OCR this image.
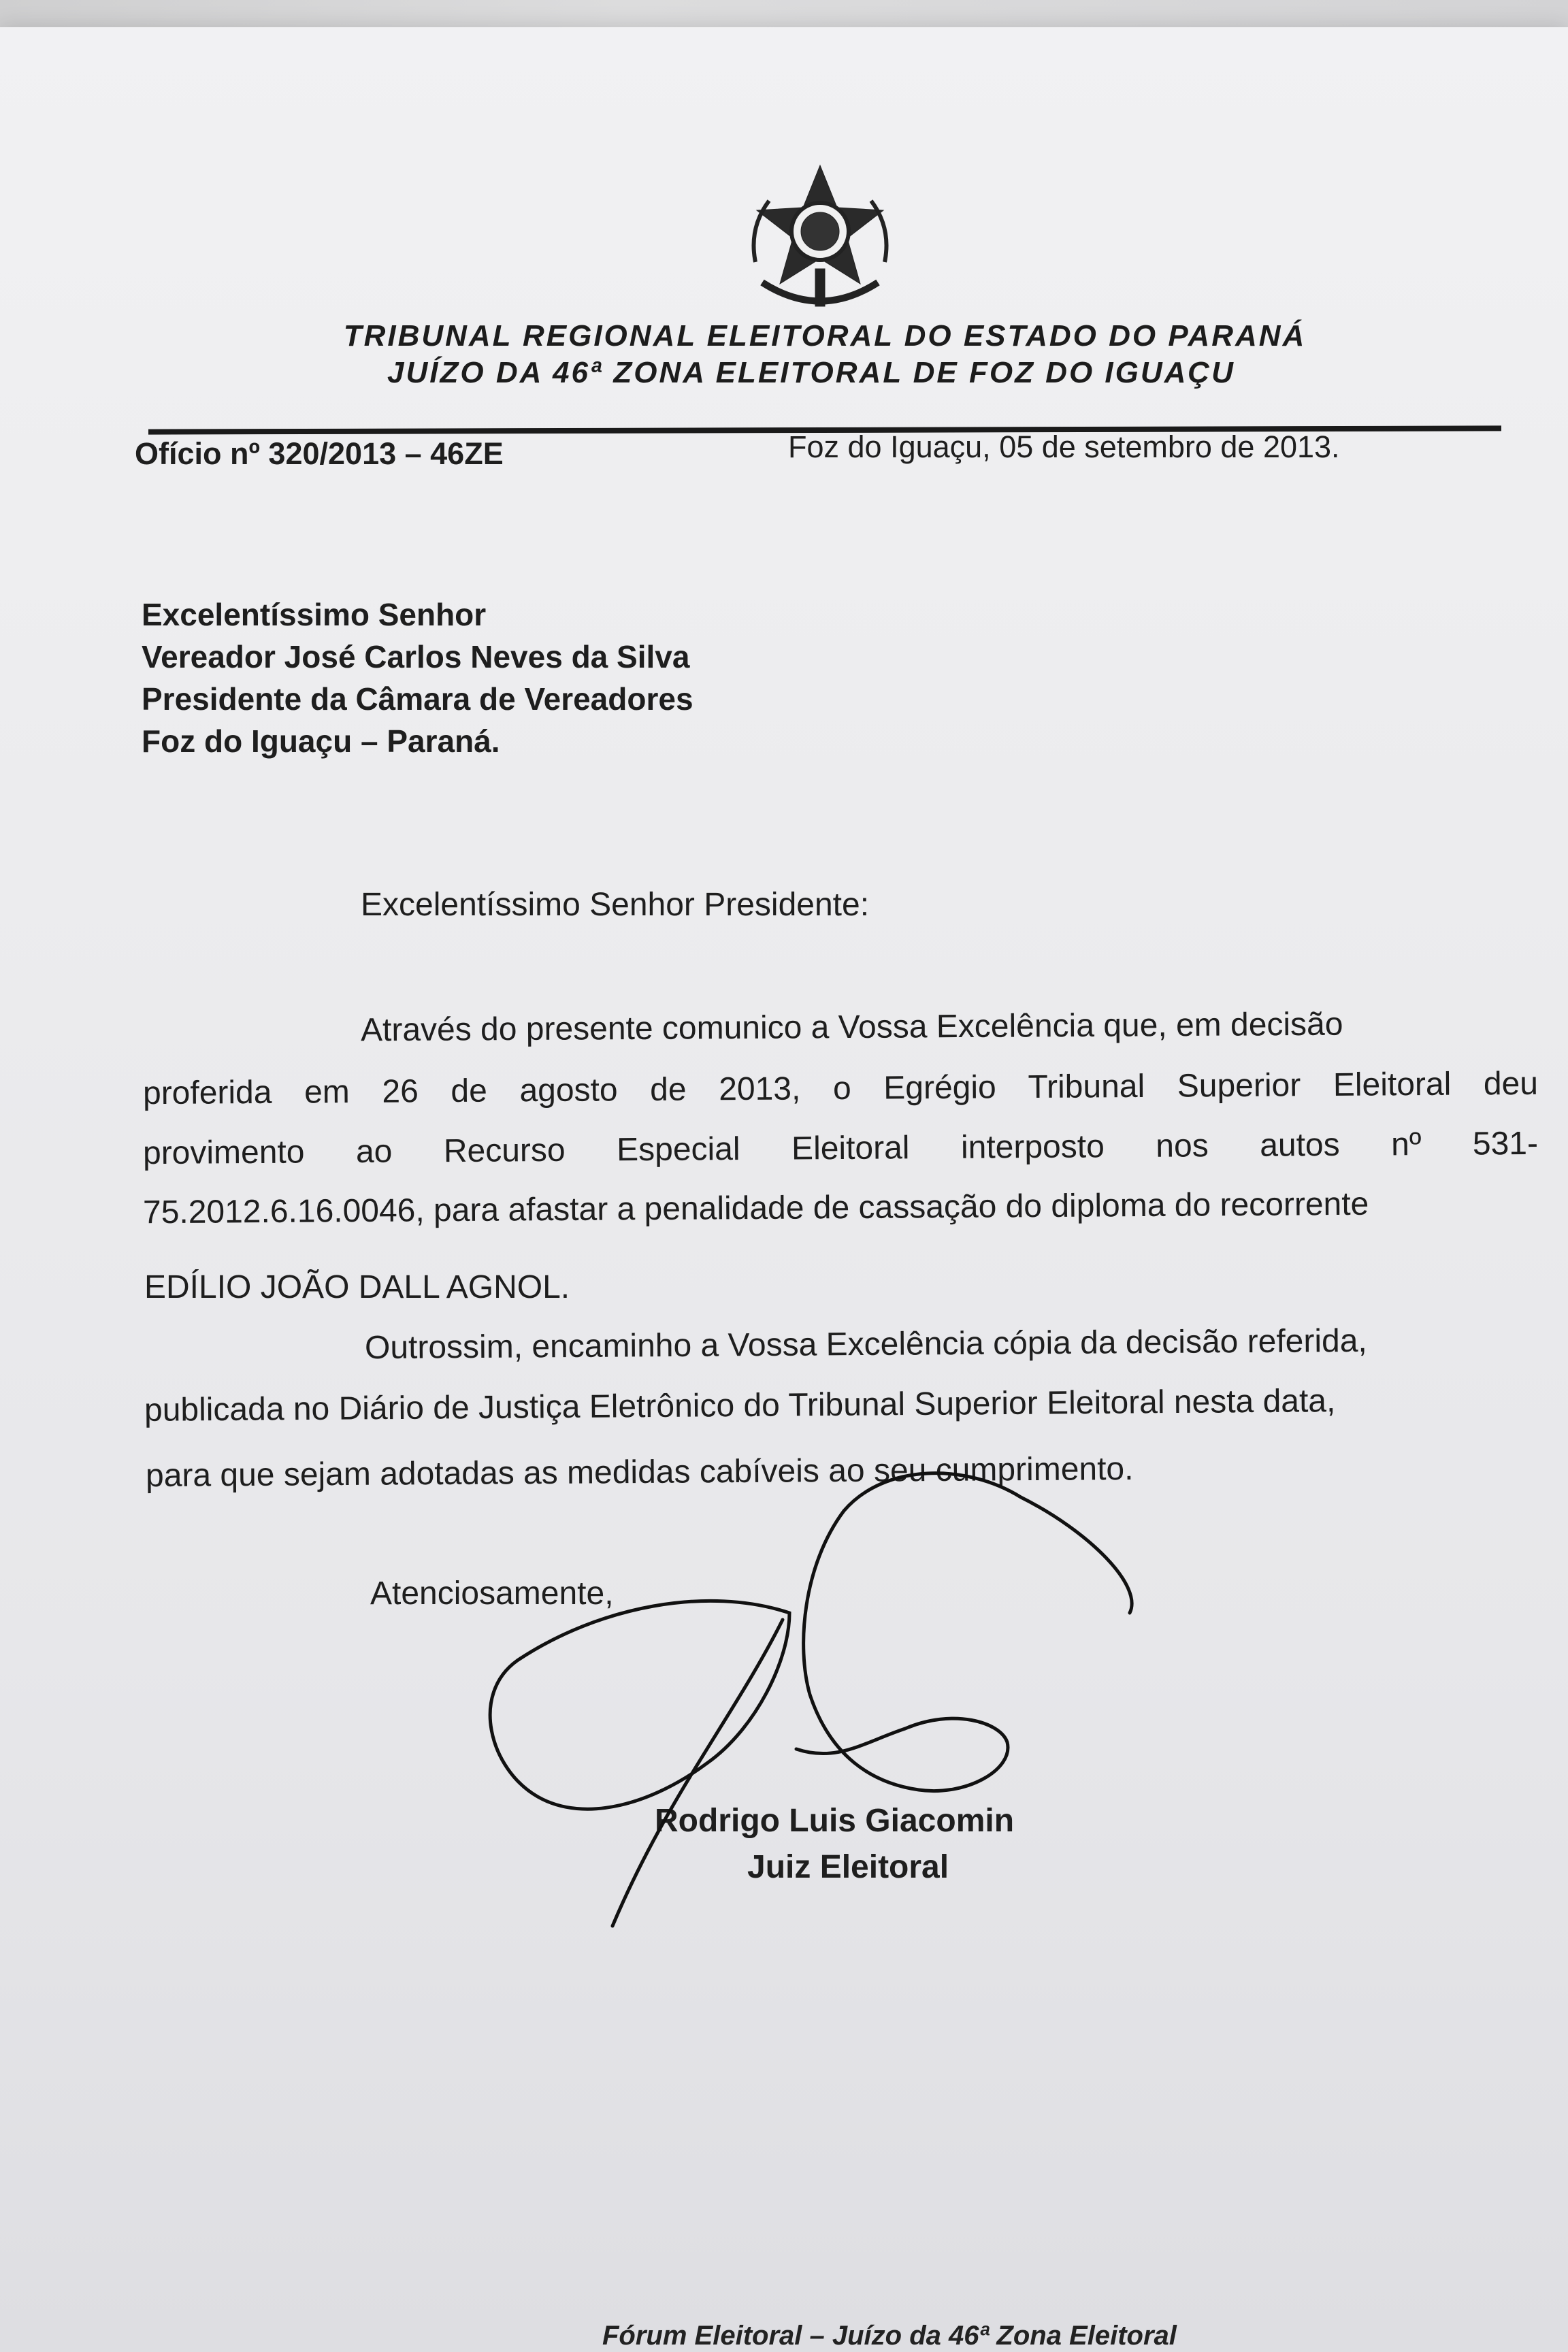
TRIBUNAL REGIONAL ELEITORAL DO ESTADO DO PARANÁ
JUÍZO DA 46ª ZONA ELEITORAL DE FOZ DO IGUAÇU
Ofício nº 320/2013 – 46ZE	Foz do Iguaçu, 05 de setembro de 2013.
Excelentíssimo Senhor
Vereador José Carlos Neves da Silva
Presidente da Câmara de Vereadores
Foz do Iguaçu – Paraná.
Excelentíssimo Senhor Presidente:
Através do presente comunico a Vossa Excelência que, em decisão
proferida em 26 de agosto de 2013, o Egrégio Tribunal Superior Eleitoral deu
provimento ao Recurso Especial Eleitoral interposto nos autos nº 531-
75.2012.6.16.0046, para afastar a penalidade de cassação do diploma do recorrente
EDÍLIO JOÃO DALL AGNOL.
Outrossim, encaminho a Vossa Excelência cópia da decisão referida,
publicada no Diário de Justiça Eletrônico do Tribunal Superior Eleitoral nesta data,
para que sejam adotadas as medidas cabíveis ao seu cumprimento.
Atenciosamente,
Rodrigo Luis Giacomin
Juiz Eleitoral
Fórum Eleitoral – Juízo da 46ª Zona Eleitoral
